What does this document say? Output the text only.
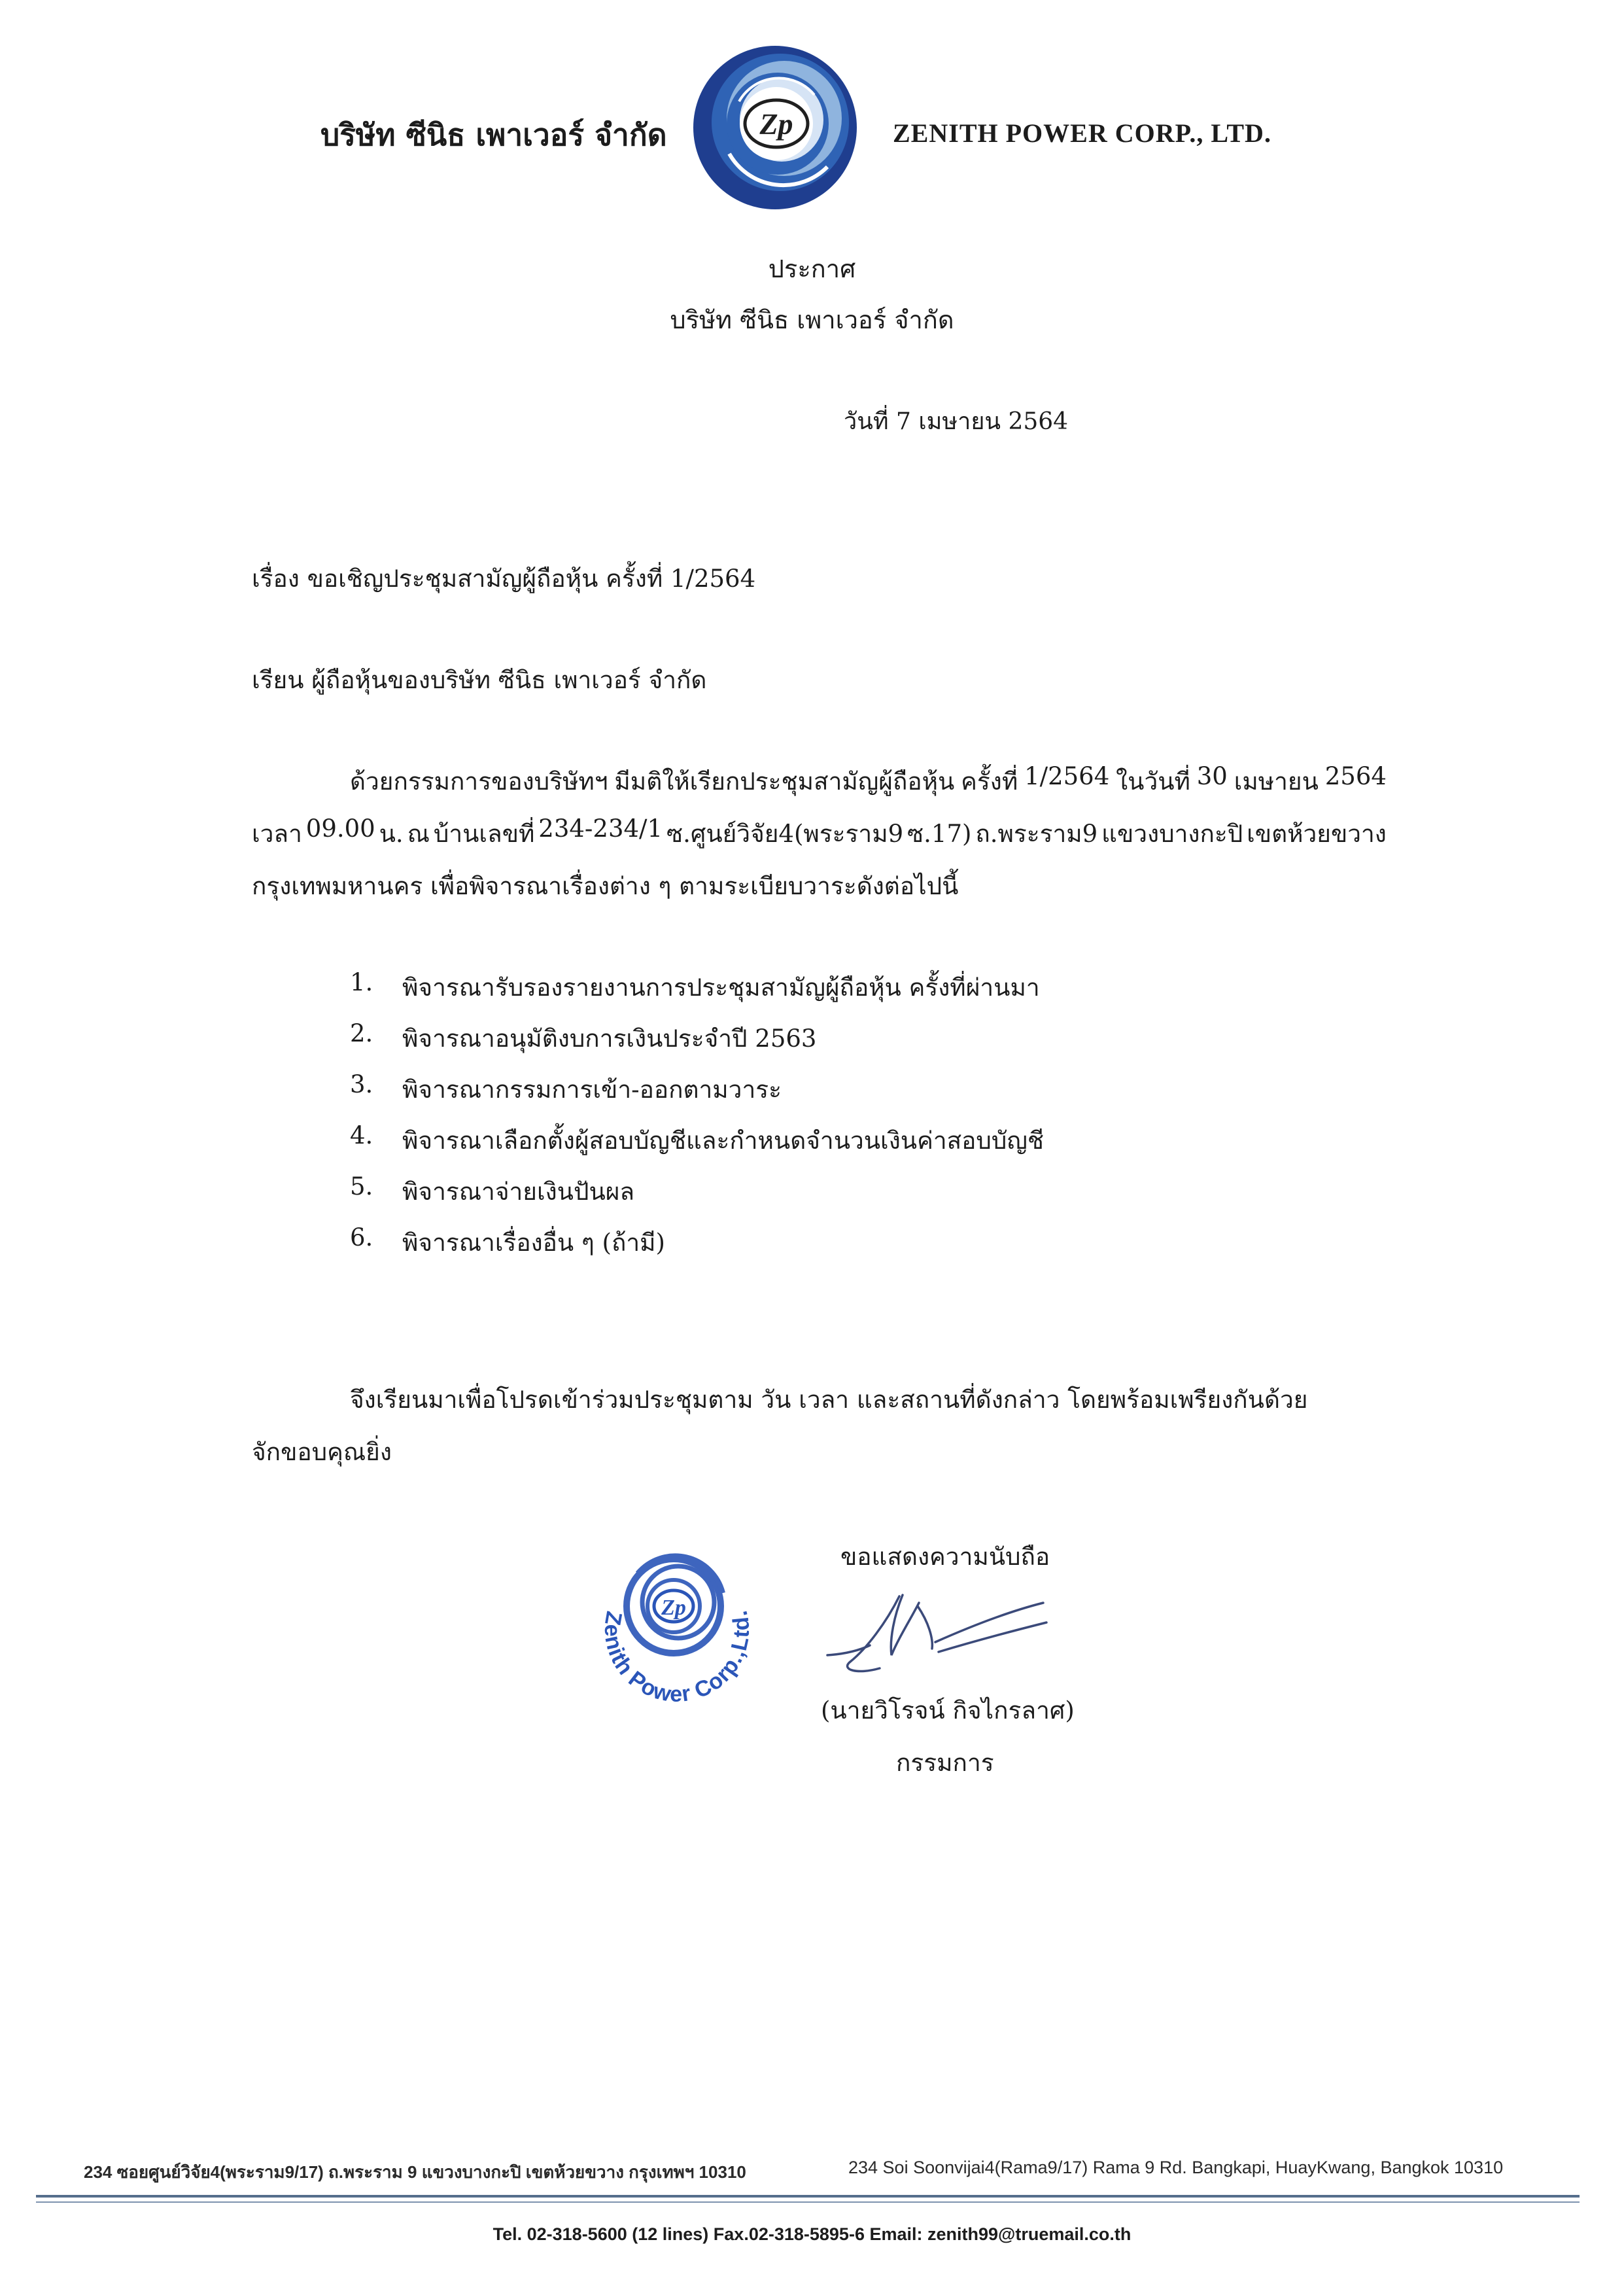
บริษัท ซีนิธ เพาเวอร์ จำกัด	Zp	ZENITH POWER CORP., LTD.
ประกาศ
บริษัท ซีนิธ เพาเวอร์ จำกัด
วันที่ 7 เมษายน 2564
เรื่อง ขอเชิญประชุมสามัญผู้ถือหุ้น ครั้งที่ 1/2564
เรียน ผู้ถือหุ้นของบริษัท ซีนิธ เพาเวอร์ จำกัด
ด้วยกรรมการของบริษัทฯ มีมติให้เรียกประชุมสามัญผู้ถือหุ้น ครั้งที่ 1/2564 ในวันที่ 30 เมษายน 2564
เวลา 09.00 น. ณ บ้านเลขที่ 234-234/1 ซ.ศูนย์วิจัย4(พระราม9 ซ.17) ถ.พระราม9 แขวงบางกะปิ เขตห้วยขวาง
กรุงเทพมหานคร เพื่อพิจารณาเรื่องต่าง ๆ ตามระเบียบวาระดังต่อไปนี้
1.	พิจารณารับรองรายงานการประชุมสามัญผู้ถือหุ้น ครั้งที่ผ่านมา
2.	พิจารณาอนุมัติงบการเงินประจำปี 2563
3.	พิจารณากรรมการเข้า-ออกตามวาระ
4.	พิจารณาเลือกตั้งผู้สอบบัญชีและกำหนดจำนวนเงินค่าสอบบัญชี
5.	พิจารณาจ่ายเงินปันผล
6.	พิจารณาเรื่องอื่น ๆ (ถ้ามี)
จึงเรียนมาเพื่อโปรดเข้าร่วมประชุมตาม วัน เวลา และสถานที่ดังกล่าว โดยพร้อมเพรียงกันด้วย
จักขอบคุณยิ่ง
Zp
Zenith Power Corp.,Ltd.
ขอแสดงความนับถือ
(นายวิโรจน์ กิจไกรลาศ)
กรรมการ
234 ซอยศูนย์วิจัย4(พระราม9/17) ถ.พระราม 9 แขวงบางกะปิ เขตห้วยขวาง กรุงเทพฯ 10310	234 Soi Soonvijai4(Rama9/17) Rama 9 Rd. Bangkapi, HuayKwang, Bangkok 10310
Tel. 02-318-5600 (12 lines) Fax.02-318-5895-6 Email: zenith99@truemail.co.th
